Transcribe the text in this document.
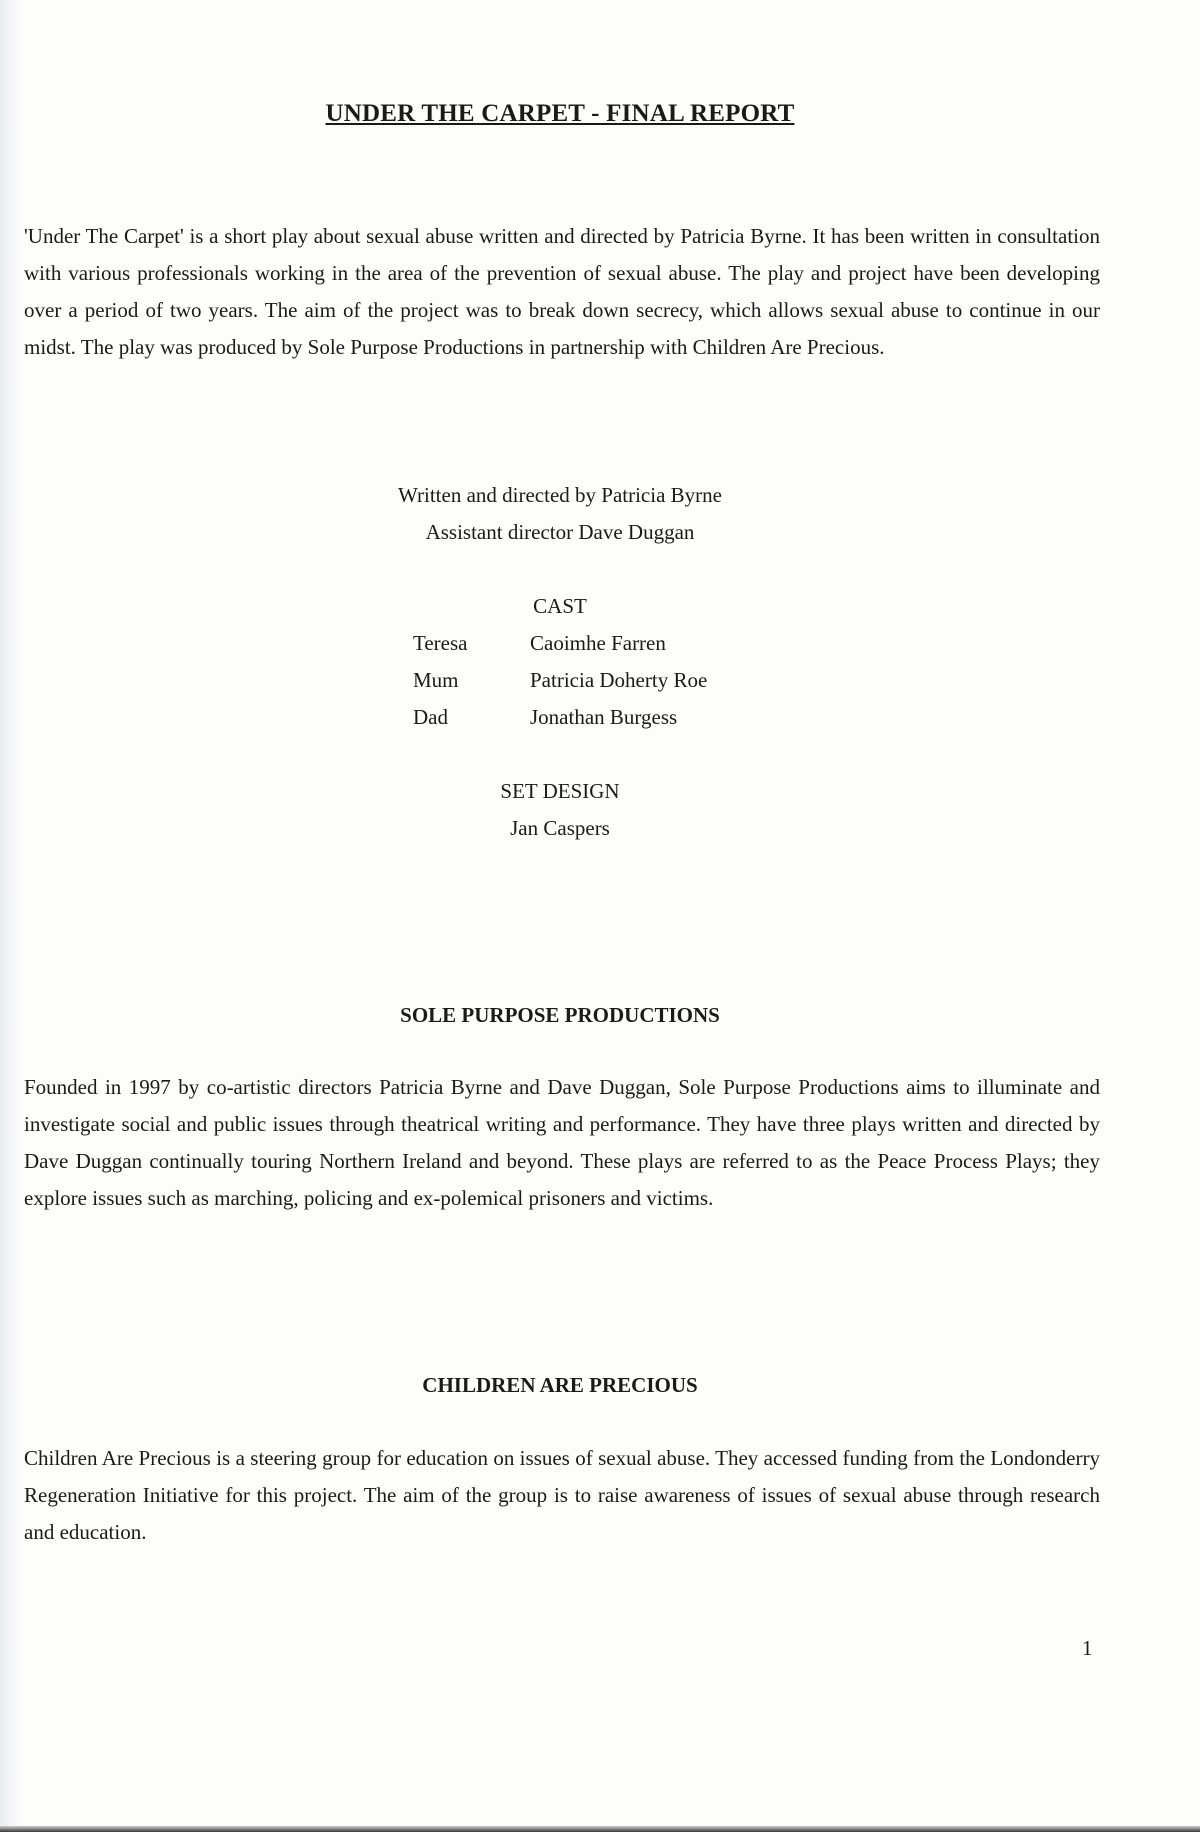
UNDER THE CARPET - FINAL REPORT

'Under The Carpet' is a short play about sexual abuse written and directed by Patricia Byrne. It has been written in consultation with various professionals working in the area of the prevention of sexual abuse. The play and project have been developing over a period of two years. The aim of the project was to break down secrecy, which allows sexual abuse to continue in our midst. The play was produced by Sole Purpose Productions in partnership with Children Are Precious.

Written and directed by Patricia Byrne
Assistant director Dave Duggan
CAST
Teresa	Caoimhe Farren
Mum	Patricia Doherty Roe
Dad	Jonathan Burgess
SET DESIGN
Jan Caspers
SOLE PURPOSE PRODUCTIONS

Founded in 1997 by co-artistic directors Patricia Byrne and Dave Duggan, Sole Purpose Productions aims to illuminate and investigate social and public issues through theatrical writing and performance. They have three plays written and directed by Dave Duggan continually touring Northern Ireland and beyond. These plays are referred to as the Peace Process Plays; they explore issues such as marching, policing and ex-polemical prisoners and victims.

CHILDREN ARE PRECIOUS

Children Are Precious is a steering group for education on issues of sexual abuse. They accessed funding from the Londonderry Regeneration Initiative for this project. The aim of the group is to raise awareness of issues of sexual abuse through research and education.

1
